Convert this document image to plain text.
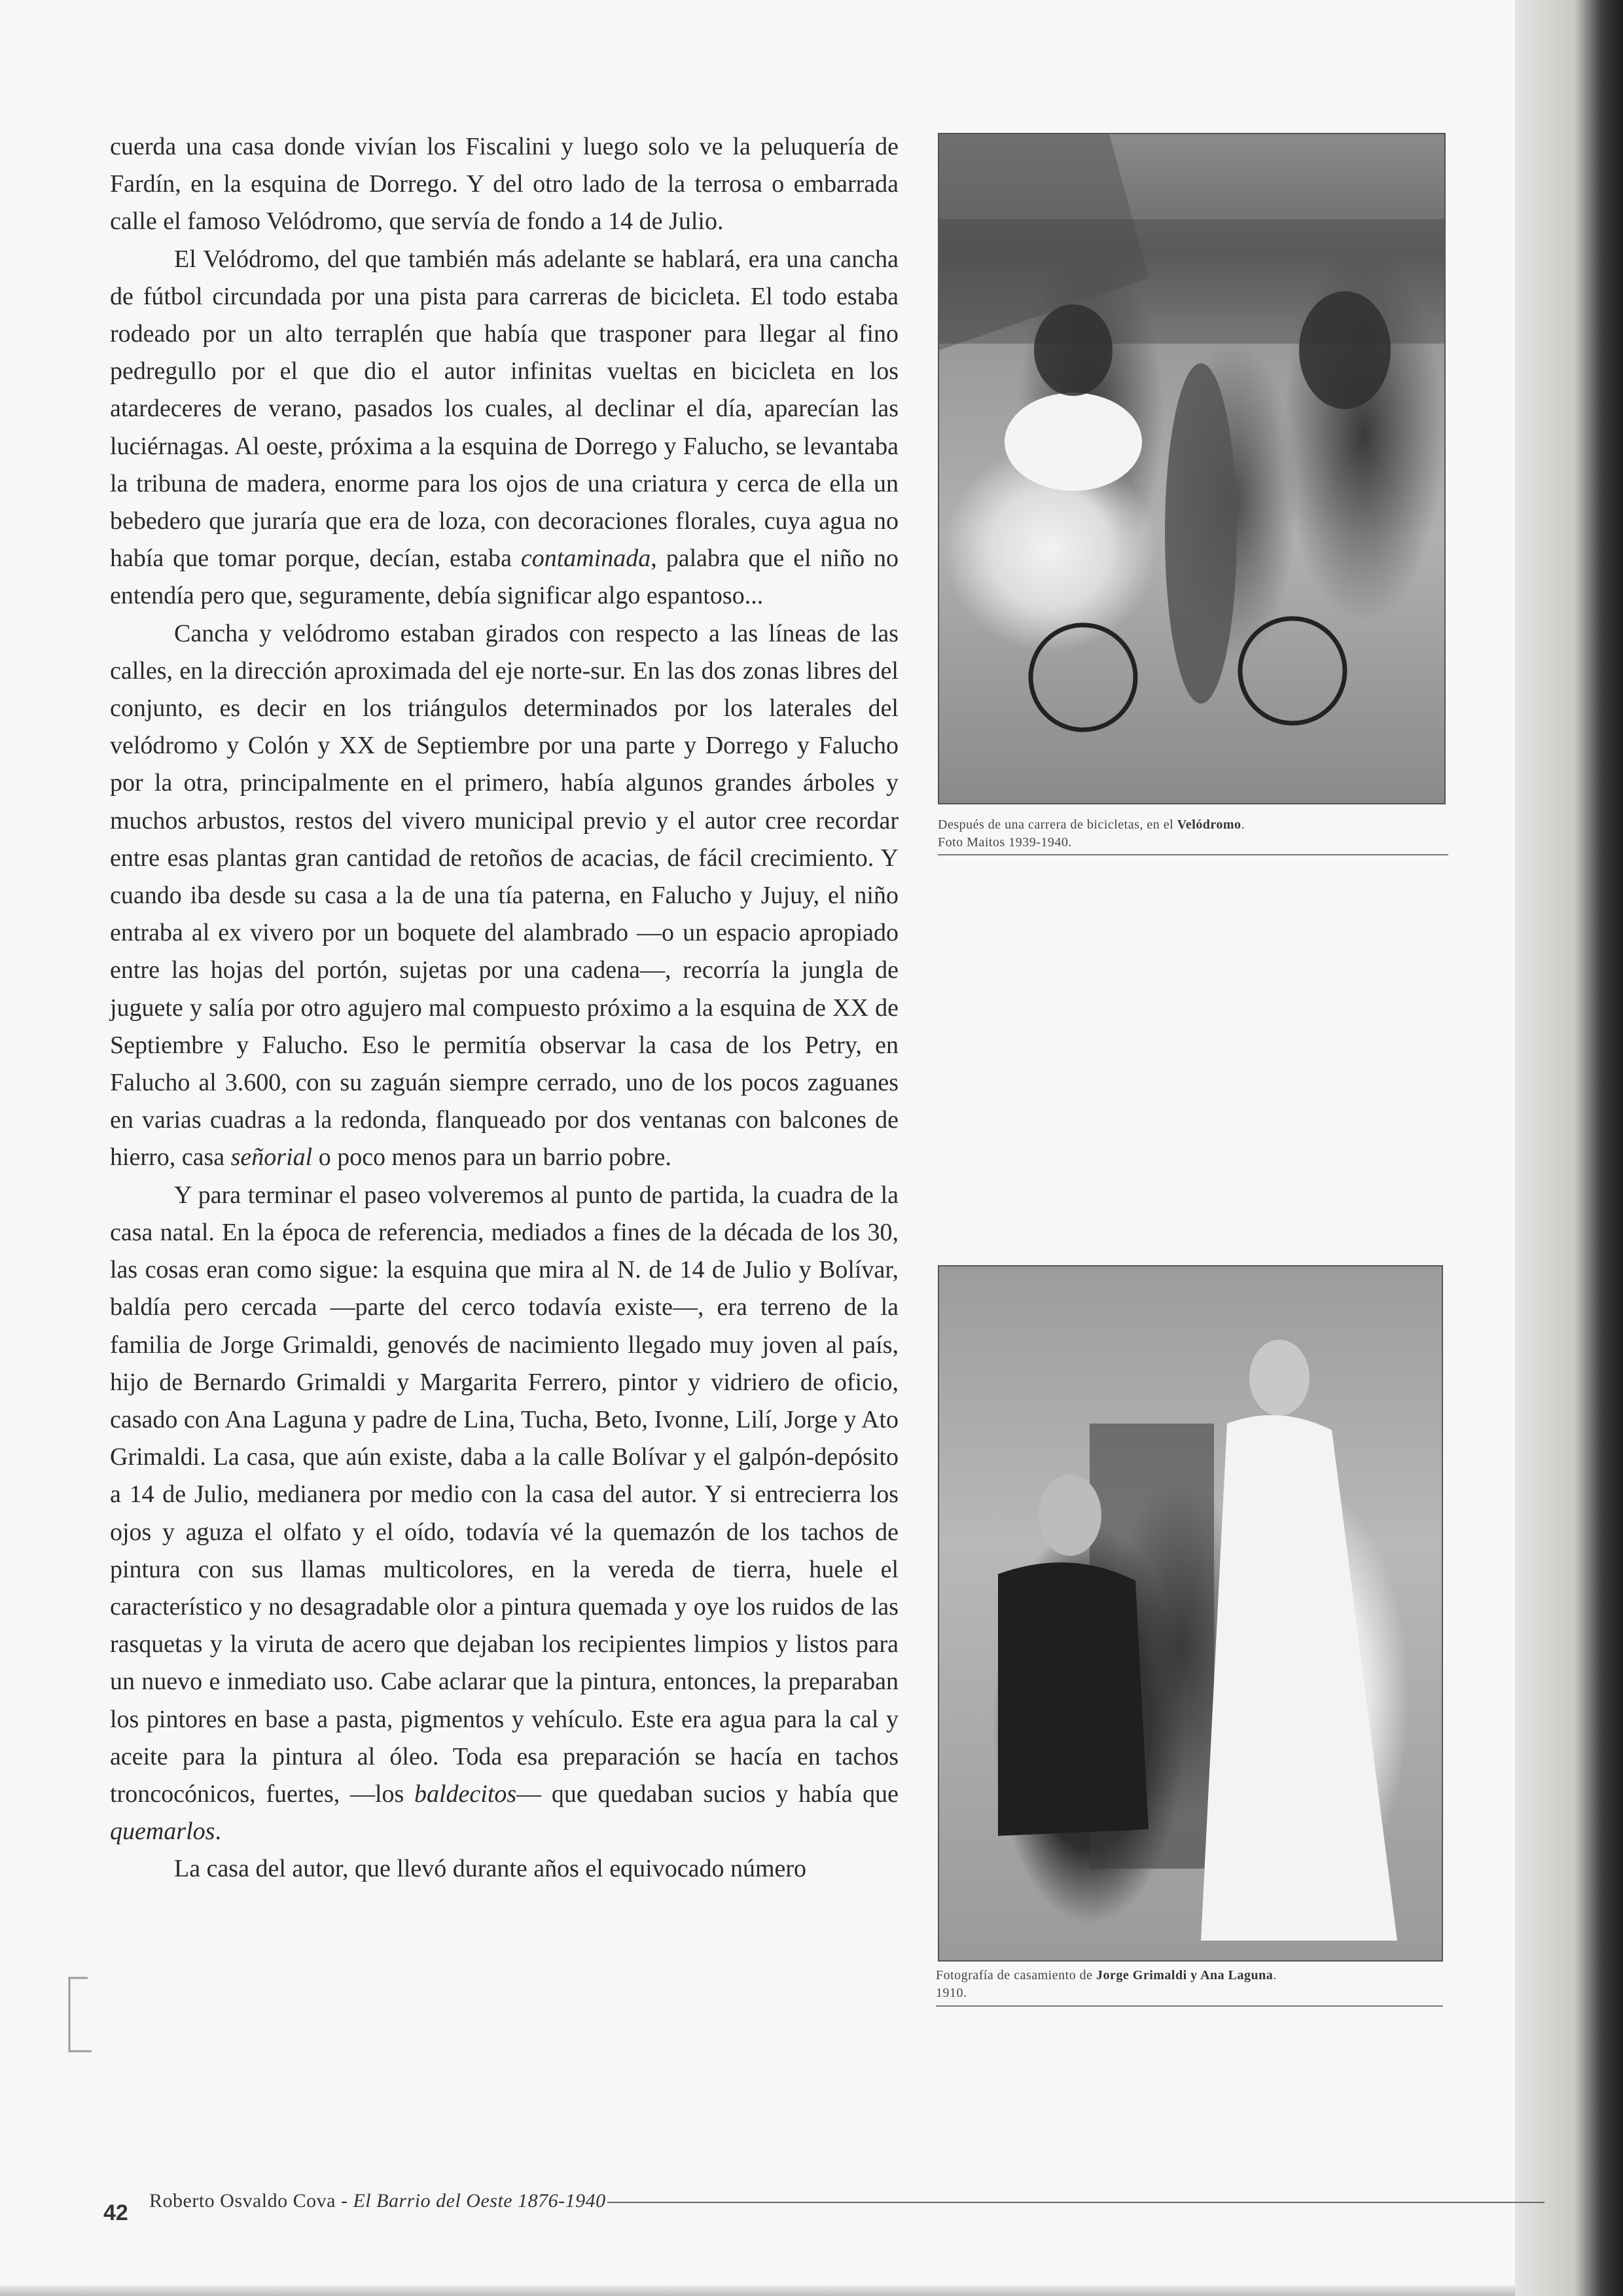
cuerda una casa donde vivían los Fiscalini y luego solo ve la peluquería de Fardín, en la esquina de Dorrego. Y del otro lado de la terrosa o embarrada calle el famoso Velódromo, que servía de fondo a 14 de Julio.

El Velódromo, del que también más adelante se hablará, era una cancha de fútbol circundada por una pista para carreras de bicicleta. El todo estaba rodeado por un alto terraplén que había que trasponer para llegar al fino pedregullo por el que dio el autor infinitas vueltas en bicicleta en los atardeceres de verano, pasados los cuales, al declinar el día, aparecían las luciérnagas. Al oeste, próxima a la esquina de Dorrego y Falucho, se levantaba la tribuna de madera, enorme para los ojos de una criatura y cerca de ella un bebedero que juraría que era de loza, con decoraciones florales, cuya agua no había que tomar porque, decían, estaba contaminada, palabra que el niño no entendía pero que, seguramente, debía significar algo espantoso...

Cancha y velódromo estaban girados con respecto a las líneas de las calles, en la dirección aproximada del eje norte-sur. En las dos zonas libres del conjunto, es decir en los triángulos determinados por los laterales del velódromo y Colón y XX de Septiembre por una parte y Dorrego y Falucho por la otra, principalmente en el primero, había algunos grandes árboles y muchos arbustos, restos del vivero municipal previo y el autor cree recordar entre esas plantas gran cantidad de retoños de acacias, de fácil crecimiento. Y cuando iba desde su casa a la de una tía paterna, en Falucho y Jujuy, el niño entraba al ex vivero por un boquete del alambrado —o un espacio apropiado entre las hojas del portón, sujetas por una cadena—, recorría la jungla de juguete y salía por otro agujero mal compuesto próximo a la esquina de XX de Septiembre y Falucho. Eso le permitía observar la casa de los Petry, en Falucho al 3.600, con su zaguán siempre cerrado, uno de los pocos zaguanes en varias cuadras a la redonda, flanqueado por dos ventanas con balcones de hierro, casa señorial o poco menos para un barrio pobre.

Y para terminar el paseo volveremos al punto de partida, la cuadra de la casa natal. En la época de referencia, mediados a fines de la década de los 30, las cosas eran como sigue: la esquina que mira al N. de 14 de Julio y Bolívar, baldía pero cercada —parte del cerco todavía existe—, era terreno de la familia de Jorge Grimaldi, genovés de nacimiento llegado muy joven al país, hijo de Bernardo Grimaldi y Margarita Ferrero, pintor y vidriero de oficio, casado con Ana Laguna y padre de Lina, Tucha, Beto, Ivonne, Lilí, Jorge y Ato Grimaldi. La casa, que aún existe, daba a la calle Bolívar y el galpón-depósito a 14 de Julio, medianera por medio con la casa del autor. Y si entrecierra los ojos y aguza el olfato y el oído, todavía vé la quemazón de los tachos de pintura con sus llamas multicolores, en la vereda de tierra, huele el característico y no desagradable olor a pintura quemada y oye los ruidos de las rasquetas y la viruta de acero que dejaban los recipientes limpios y listos para un nuevo e inmediato uso. Cabe aclarar que la pintura, entonces, la preparaban los pintores en base a pasta, pigmentos y vehículo. Este era agua para la cal y aceite para la pintura al óleo. Toda esa preparación se hacía en tachos troncocónicos, fuertes, —los baldecitos— que quedaban sucios y había que quemarlos.

La casa del autor, que llevó durante años el equivocado número

Después de una carrera de bicicletas, en el Velódromo.
Foto Maitos 1939-1940.
Fotografía de casamiento de Jorge Grimaldi y Ana Laguna.
1910.
42 Roberto Osvaldo Cova - El Barrio del Oeste 1876-1940
